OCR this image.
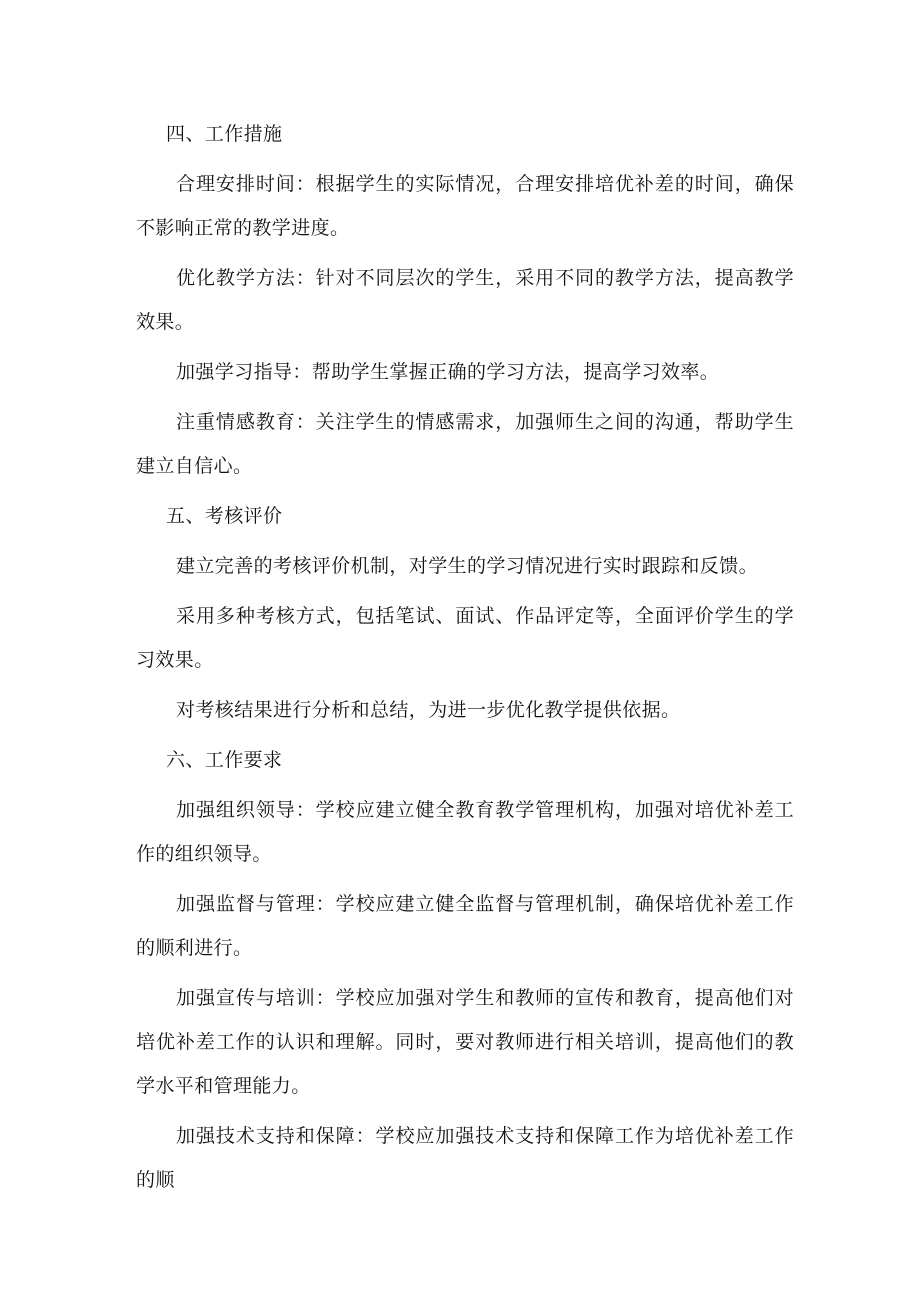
四、工作措施

合理安排时间：根据学生的实际情况，合理安排培优补差的时间，确保不影响正常的教学进度。

优化教学方法：针对不同层次的学生，采用不同的教学方法，提高教学效果。

加强学习指导：帮助学生掌握正确的学习方法，提高学习效率。

注重情感教育：关注学生的情感需求，加强师生之间的沟通，帮助学生建立自信心。

五、考核评价

建立完善的考核评价机制，对学生的学习情况进行实时跟踪和反馈。

采用多种考核方式，包括笔试、面试、作品评定等，全面评价学生的学习效果。

对考核结果进行分析和总结，为进一步优化教学提供依据。

六、工作要求

加强组织领导：学校应建立健全教育教学管理机构，加强对培优补差工作的组织领导。

加强监督与管理：学校应建立健全监督与管理机制，确保培优补差工作的顺利进行。

加强宣传与培训：学校应加强对学生和教师的宣传和教育，提高他们对培优补差工作的认识和理解。同时，要对教师进行相关培训，提高他们的教学水平和管理能力。

加强技术支持和保障：学校应加强技术支持和保障工作为培优补差工作的顺
